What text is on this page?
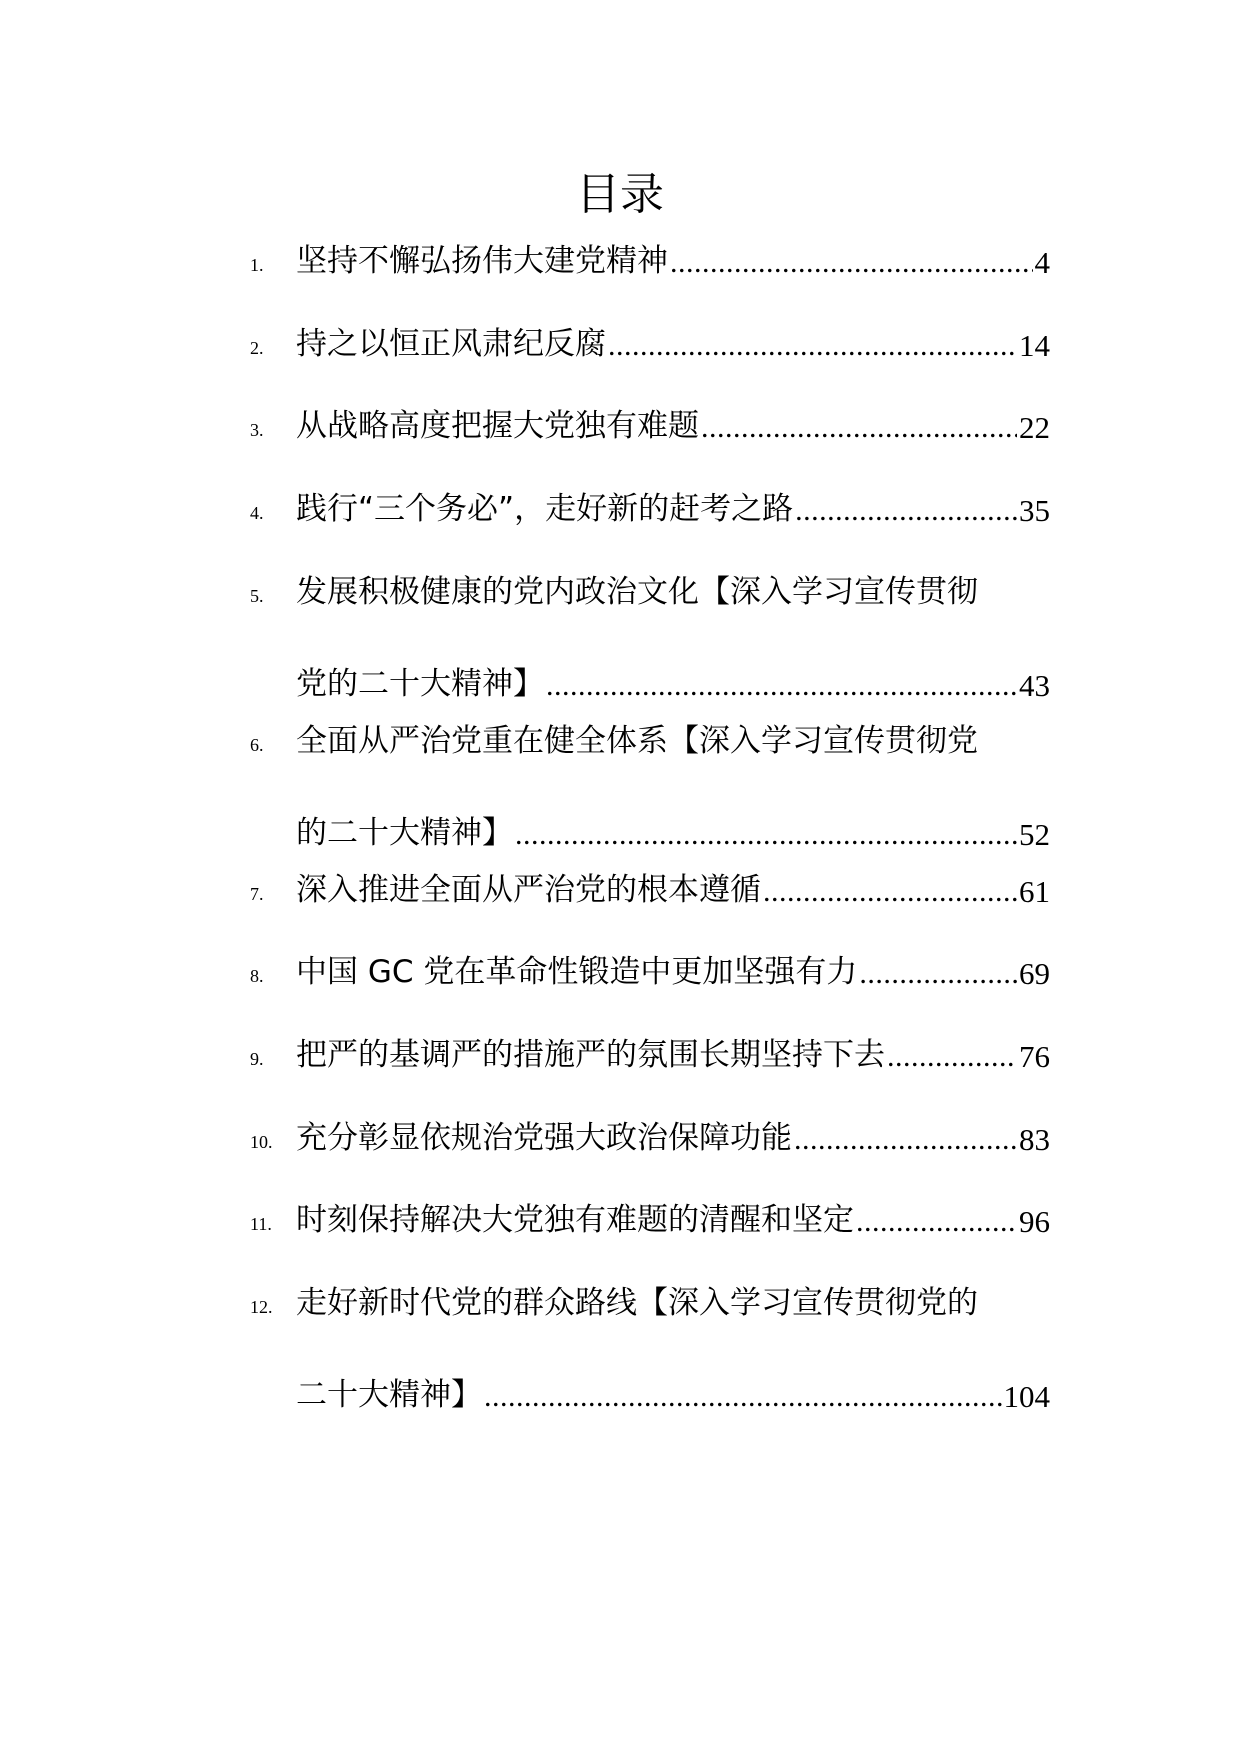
目录
1.	坚持不懈弘扬伟大建党精神 .....	4
2.	持之以恒正风肃纪反腐 .....	14
3.	从战略高度把握大党独有难题 .....	22
4.	践行“三个务必”，走好新的赶考之路 .....	35
5.	发展积极健康的党内政治文化【深入学习宣传贯彻
党的二十大精神】 .....	43
6.	全面从严治党重在健全体系【深入学习宣传贯彻党
的二十大精神】 .....	52
7.	深入推进全面从严治党的根本遵循 .....	61
8.	中国 GC 党在革命性锻造中更加坚强有力 .....	69
9.	把严的基调严的措施严的氛围长期坚持下去 .....	76
10. 充分彰显依规治党强大政治保障功能 .....	83
11. 时刻保持解决大党独有难题的清醒和坚定 .....	96
12. 走好新时代党的群众路线【深入学习宣传贯彻党的
二十大精神】 .....	104
